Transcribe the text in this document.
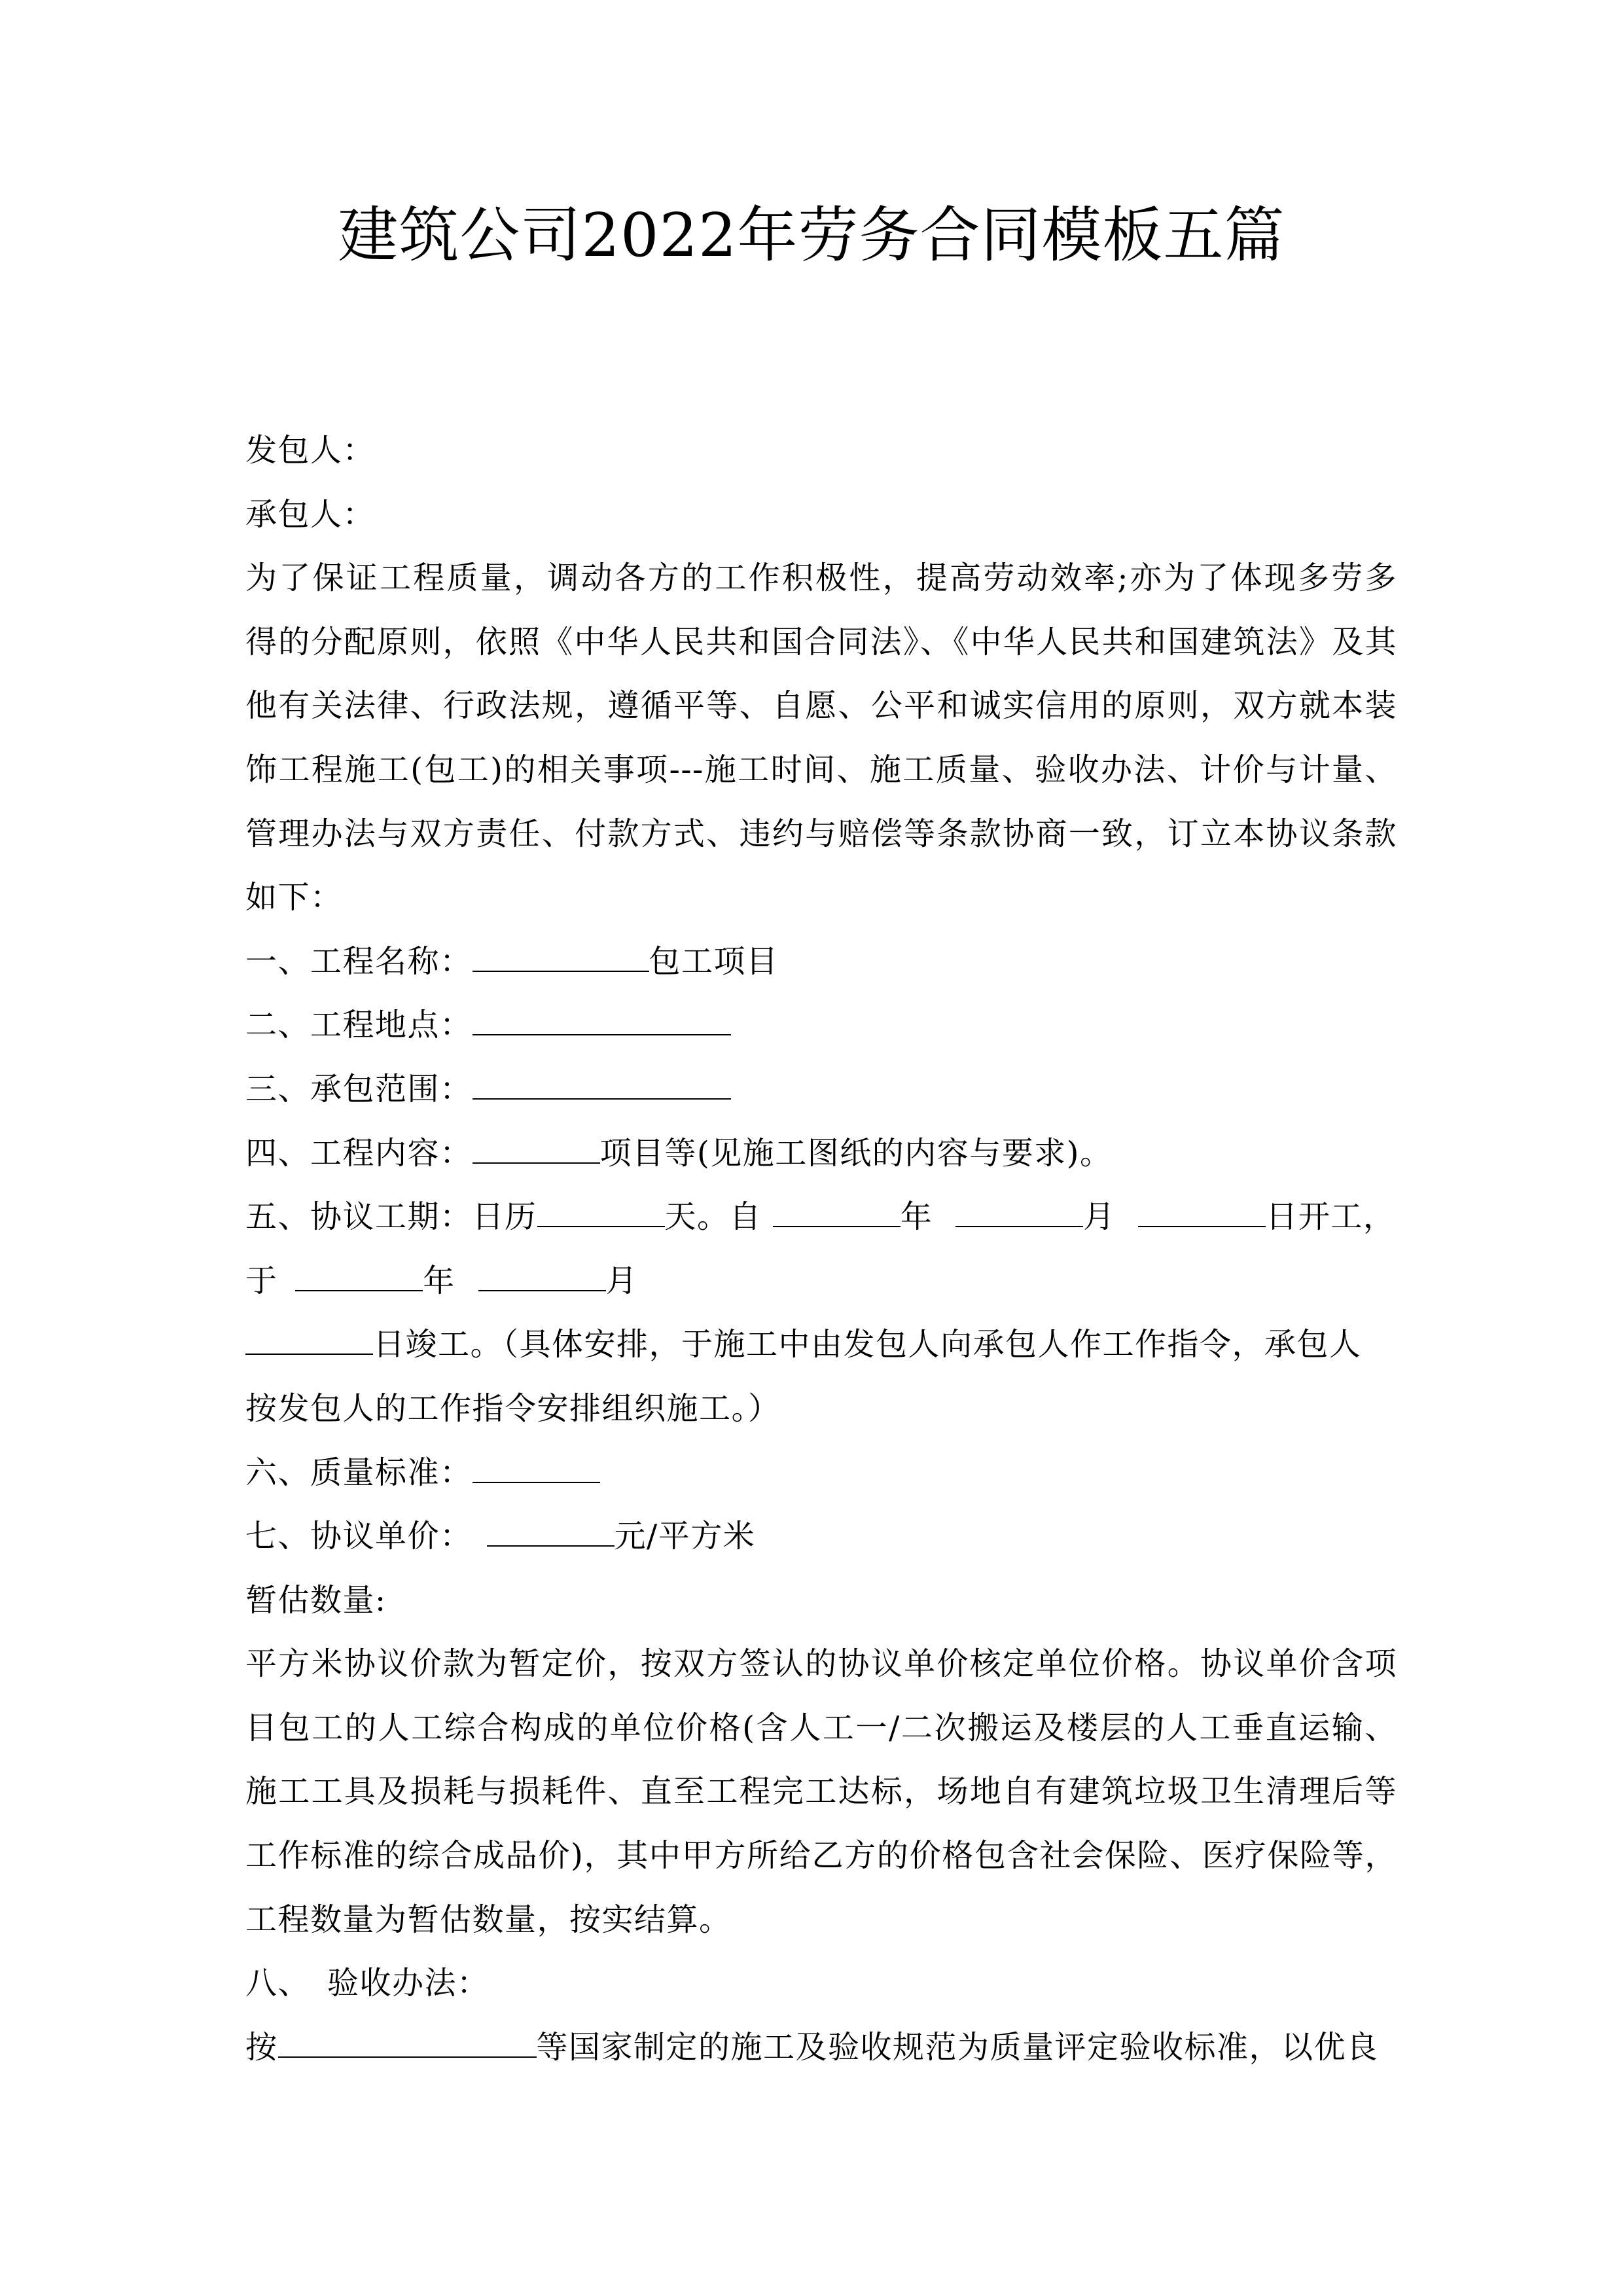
建筑公司2022年劳务合同模板五篇
发包人：
承包人：
为了保证工程质量，调动各方的工作积极性，提高劳动效率;亦为了体现多劳多
得的分配原则，依照《中华人民共和国合同法》、《中华人民共和国建筑法》及其
他有关法律、行政法规，遵循平等、自愿、公平和诚实信用的原则，双方就本装
饰工程施工(包工)的相关事项---施工时间、施工质量、验收办法、计价与计量、
管理办法与双方责任、付款方式、违约与赔偿等条款协商一致，订立本协议条款
如下：
一、工程名称：	包工项目
二、工程地点：
三、承包范围：
四、工程内容：	项目等(见施工图纸的内容与要求)。
五、协议工期：日历	天。自	年	月	日开工，
于	年	月
日竣工。（具体安排，于施工中由发包人向承包人作工作指令，承包人
按发包人的工作指令安排组织施工。）
六、质量标准：
七、协议单价：	元/平方米
暂估数量:
平方米协议价款为暂定价，按双方签认的协议单价核定单位价格。协议单价含项
目包工的人工综合构成的单位价格(含人工一/二次搬运及楼层的人工垂直运输、
施工工具及损耗与损耗件、直至工程完工达标，场地自有建筑垃圾卫生清理后等
工作标准的综合成品价)，其中甲方所给乙方的价格包含社会保险、医疗保险等，
工程数量为暂估数量，按实结算。
八、 验收办法：
按	等国家制定的施工及验收规范为质量评定验收标准，以优良
